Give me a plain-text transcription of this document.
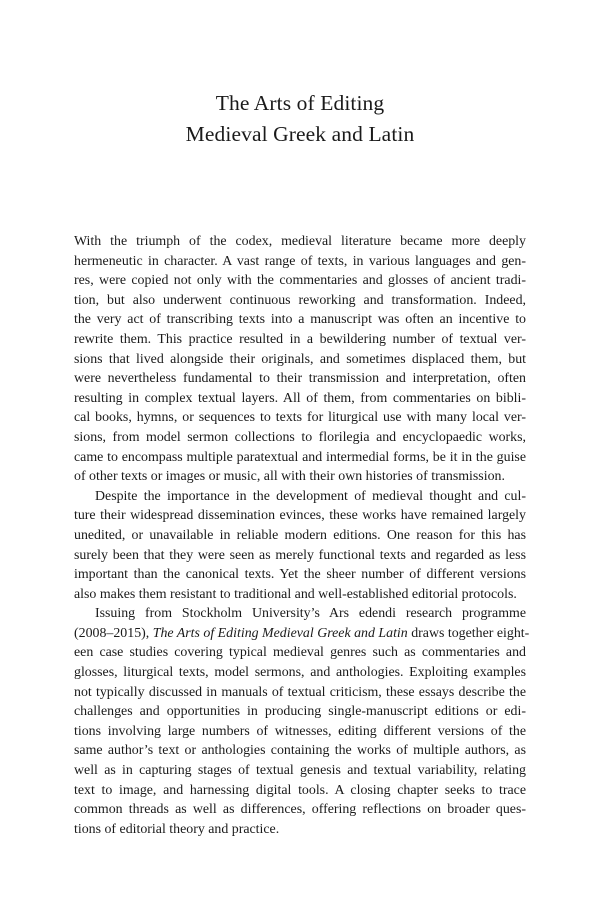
The Arts of Editing
Medieval Greek and Latin

With the triumph of the codex, medieval literature became more deeply
hermeneutic in character. A vast range of texts, in various languages and gen-
res, were copied not only with the commentaries and glosses of ancient tradi-
tion, but also underwent continuous reworking and transformation. Indeed,
the very act of transcribing texts into a manuscript was often an incentive to
rewrite them. This practice resulted in a bewildering number of textual ver-
sions that lived alongside their originals, and sometimes displaced them, but
were nevertheless fundamental to their transmission and interpretation, often
resulting in complex textual layers. All of them, from commentaries on bibli-
cal books, hymns, or sequences to texts for liturgical use with many local ver-
sions, from model sermon collections to florilegia and encyclopaedic works,
came to encompass multiple paratextual and intermedial forms, be it in the guise
of other texts or images or music, all with their own histories of transmission.

Despite the importance in the development of medieval thought and cul-
ture their widespread dissemination evinces, these works have remained largely
unedited, or unavailable in reliable modern editions. One reason for this has
surely been that they were seen as merely functional texts and regarded as less
important than the canonical texts. Yet the sheer number of different versions
also makes them resistant to traditional and well-established editorial protocols.

Issuing from Stockholm University’s Ars edendi research programme
(2008–2015), The Arts of Editing Medieval Greek and Latin draws together eight-
een case studies covering typical medieval genres such as commentaries and
glosses, liturgical texts, model sermons, and anthologies. Exploiting examples
not typically discussed in manuals of textual criticism, these essays describe the
challenges and opportunities in producing single-manuscript editions or edi-
tions involving large numbers of witnesses, editing different versions of the
same author’s text or anthologies containing the works of multiple authors, as
well as in capturing stages of textual genesis and textual variability, relating
text to image, and harnessing digital tools. A closing chapter seeks to trace
common threads as well as differences, offering reflections on broader ques-
tions of editorial theory and practice.
